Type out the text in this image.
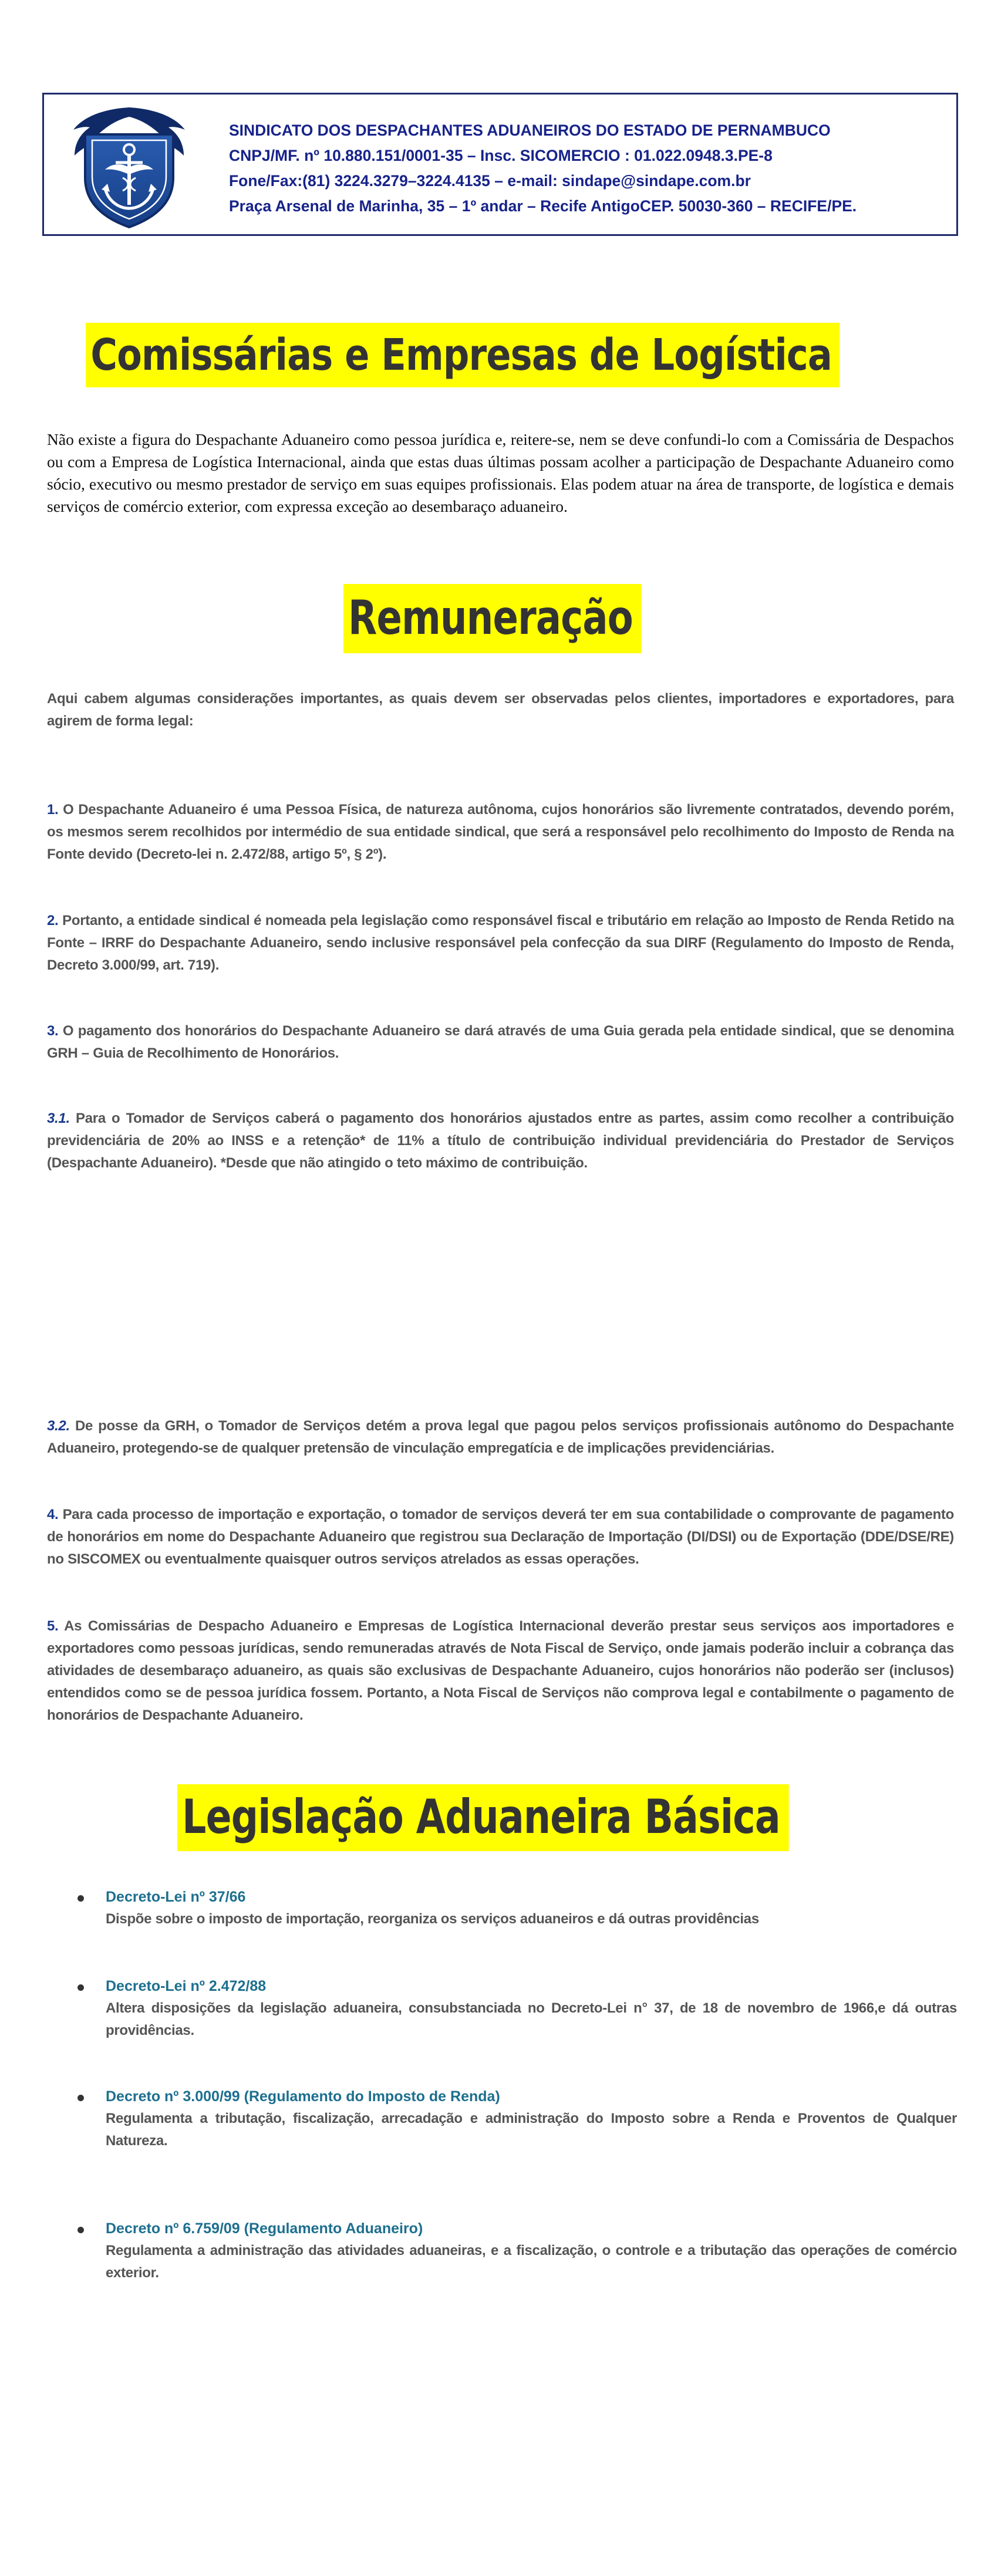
SINDICATO DOS DESPACHANTES ADUANEIROS DO ESTADO DE PERNAMBUCO
CNPJ/MF. nº 10.880.151/0001-35 – Insc. SICOMERCIO : 01.022.0948.3.PE-8
Fone/Fax:(81) 3224.3279–3224.4135 – e-mail: sindape@sindape.com.br
Praça Arsenal de Marinha, 35 – 1º andar – Recife AntigoCEP. 50030-360 – RECIFE/PE.
Comissárias e Empresas de Logística
Não existe a figura do Despachante Aduaneiro como pessoa jurídica e, reitere-se, nem se deve confundi-lo com a Comissária de Despachos ou com a Empresa de Logística Internacional, ainda que estas duas últimas possam acolher a participação de Despachante Aduaneiro como sócio, executivo ou mesmo prestador de serviço em suas equipes profissionais. Elas podem atuar na área de transporte, de logística e demais serviços de comércio exterior, com expressa exceção ao desembaraço aduaneiro.
Remuneração
Aqui cabem algumas considerações importantes, as quais devem ser observadas pelos clientes, importadores e exportadores, para agirem de forma legal:
1. O Despachante Aduaneiro é uma Pessoa Física, de natureza autônoma, cujos honorários são livremente contratados, devendo porém, os mesmos serem recolhidos por intermédio de sua entidade sindical, que será a responsável pelo recolhimento do Imposto de Renda na Fonte devido (Decreto-lei n. 2.472/88, artigo 5º, § 2º).
2. Portanto, a entidade sindical é nomeada pela legislação como responsável fiscal e tributário em relação ao Imposto de Renda Retido na Fonte – IRRF do Despachante Aduaneiro, sendo inclusive responsável pela confecção da sua DIRF (Regulamento do Imposto de Renda, Decreto 3.000/99, art. 719).
3. O pagamento dos honorários do Despachante Aduaneiro se dará através de uma Guia gerada pela entidade sindical, que se denomina GRH – Guia de Recolhimento de Honorários.
3.1. Para o Tomador de Serviços caberá o pagamento dos honorários ajustados entre as partes, assim como recolher a contribuição previdenciária de 20% ao INSS e a retenção* de 11% a título de contribuição individual previdenciária do Prestador de Serviços (Despachante Aduaneiro). *Desde que não atingido o teto máximo de contribuição.
3.2. De posse da GRH, o Tomador de Serviços detém a prova legal que pagou pelos serviços profissionais autônomo do Despachante Aduaneiro, protegendo-se de qualquer pretensão de vinculação empregatícia e de implicações previdenciárias.
4. Para cada processo de importação e exportação, o tomador de serviços deverá ter em sua contabilidade o comprovante de pagamento de honorários em nome do Despachante Aduaneiro que registrou sua Declaração de Importação (DI/DSI) ou de Exportação (DDE/DSE/RE) no SISCOMEX ou eventualmente quaisquer outros serviços atrelados as essas operações.
5. As Comissárias de Despacho Aduaneiro e Empresas de Logística Internacional deverão prestar seus serviços aos importadores e exportadores como pessoas jurídicas, sendo remuneradas através de Nota Fiscal de Serviço, onde jamais poderão incluir a cobrança das atividades de desembaraço aduaneiro, as quais são exclusivas de Despachante Aduaneiro, cujos honorários não poderão ser (inclusos) entendidos como se de pessoa jurídica fossem. Portanto, a Nota Fiscal de Serviços não comprova legal e contabilmente o pagamento de honorários de Despachante Aduaneiro.
Legislação Aduaneira Básica
Decreto-Lei nº 37/66
Dispõe sobre o imposto de importação, reorganiza os serviços aduaneiros e dá outras providências
Decreto-Lei nº 2.472/88
Altera disposições da legislação aduaneira, consubstanciada no Decreto-Lei n° 37, de 18 de novembro de 1966,e dá outras providências.
Decreto nº 3.000/99 (Regulamento do Imposto de Renda)
Regulamenta a tributação, fiscalização, arrecadação e administração do Imposto sobre a Renda e Proventos de Qualquer Natureza.
Decreto nº 6.759/09 (Regulamento Aduaneiro)
Regulamenta a administração das atividades aduaneiras, e a fiscalização, o controle e a tributação das operações de comércio exterior.
